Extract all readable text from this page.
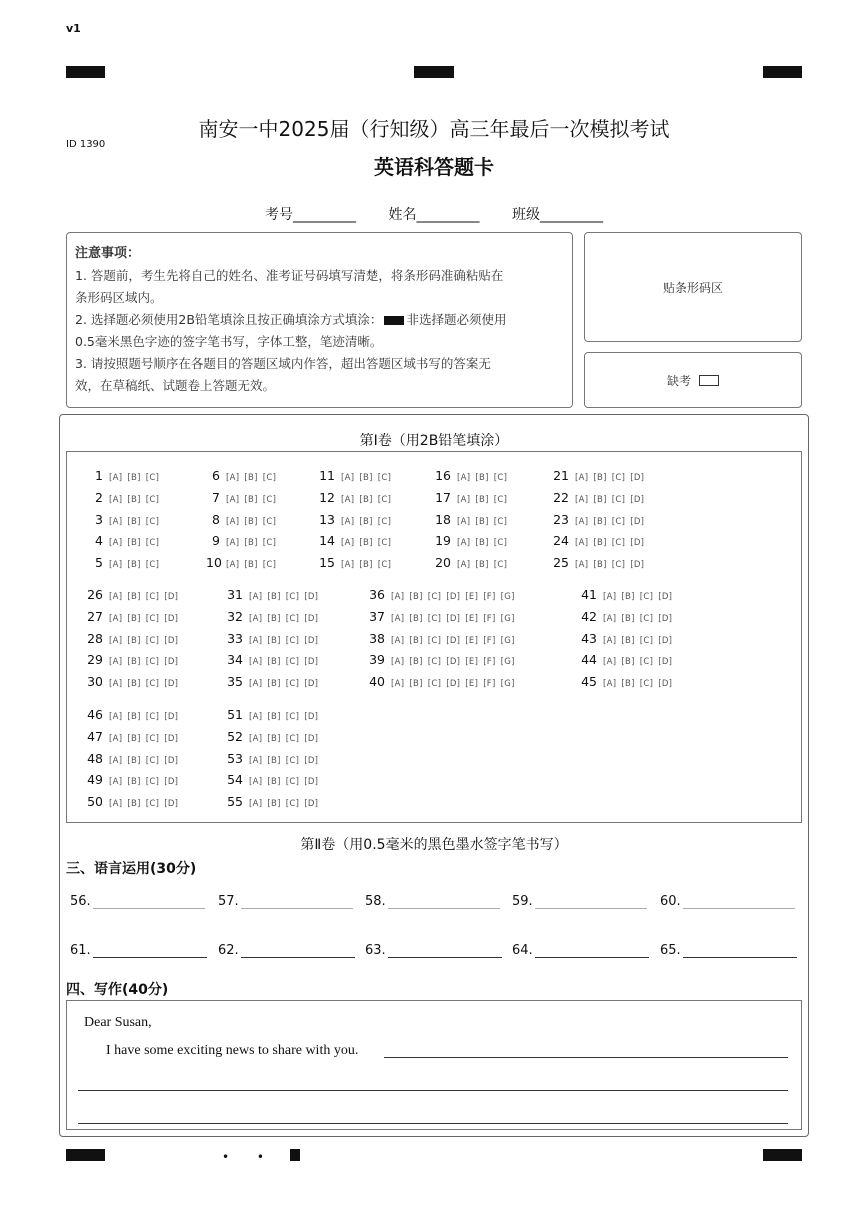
• • •
v1
ID 1390
南安一中2025届（行知级）高三年最后一次模拟考试
英语科答题卡
考号_________ 姓名_________ 班级_________
注意事项：
1. 答题前，考生先将自己的姓名、准考证号码填写清楚，将条形码准确粘贴在
条形码区域内。
2. 选择题必须使用2B铅笔填涂且按正确填涂方式填涂： 非选择题必须使用
0.5毫米黑色字迹的签字笔书写，字体工整，笔迹清晰。
3. 请按照题号顺序在各题目的答题区域内作答，超出答题区域书写的答案无
效，在草稿纸、试题卷上答题无效。
贴条形码区
缺考
第Ⅰ卷（用2B铅笔填涂）
1 [A] [B] [C]
2 [A] [B] [C]
3 [A] [B] [C]
4 [A] [B] [C]
5 [A] [B] [C]
6 [A] [B] [C]
7 [A] [B] [C]
8 [A] [B] [C]
9 [A] [B] [C]
10 [A] [B] [C]
11 [A] [B] [C]
12 [A] [B] [C]
13 [A] [B] [C]
14 [A] [B] [C]
15 [A] [B] [C]
16 [A] [B] [C]
17 [A] [B] [C]
18 [A] [B] [C]
19 [A] [B] [C]
20 [A] [B] [C]
21 [A] [B] [C] [D]
22 [A] [B] [C] [D]
23 [A] [B] [C] [D]
24 [A] [B] [C] [D]
25 [A] [B] [C] [D]
26 [A] [B] [C] [D]
27 [A] [B] [C] [D]
28 [A] [B] [C] [D]
29 [A] [B] [C] [D]
30 [A] [B] [C] [D]
31 [A] [B] [C] [D]
32 [A] [B] [C] [D]
33 [A] [B] [C] [D]
34 [A] [B] [C] [D]
35 [A] [B] [C] [D]
36 [A] [B] [C] [D] [E] [F] [G]
37 [A] [B] [C] [D] [E] [F] [G]
38 [A] [B] [C] [D] [E] [F] [G]
39 [A] [B] [C] [D] [E] [F] [G]
40 [A] [B] [C] [D] [E] [F] [G]
41 [A] [B] [C] [D]
42 [A] [B] [C] [D]
43 [A] [B] [C] [D]
44 [A] [B] [C] [D]
45 [A] [B] [C] [D]
46 [A] [B] [C] [D]
47 [A] [B] [C] [D]
48 [A] [B] [C] [D]
49 [A] [B] [C] [D]
50 [A] [B] [C] [D]
51 [A] [B] [C] [D]
52 [A] [B] [C] [D]
53 [A] [B] [C] [D]
54 [A] [B] [C] [D]
55 [A] [B] [C] [D]
第Ⅱ卷（用0.5毫米的黑色墨水签字笔书写）
三、语言运用(30分)
56.	57.	58.	59.	60.
61.	62.	63.	64.	65.
四、写作(40分)
Dear Susan,
I have some exciting news to share with you.
